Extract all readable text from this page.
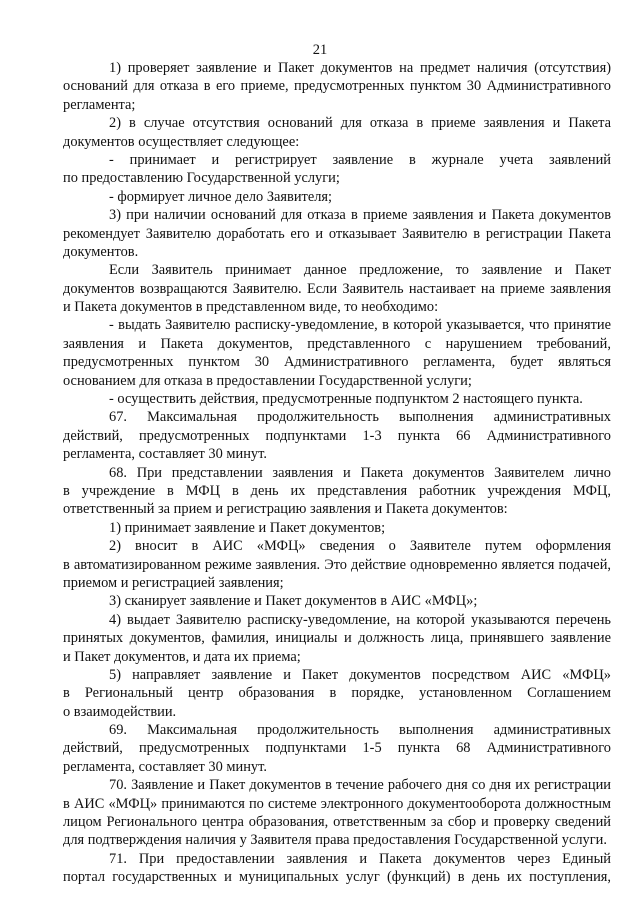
21

1) проверяет заявление и Пакет документов на предмет наличия (отсутствия)
оснований для отказа в его приеме, предусмотренных пунктом 30 Административного
регламента;
2) в случае отсутствия оснований для отказа в приеме заявления и Пакета
документов осуществляет следующее:
- принимает и регистрирует заявление в журнале учета заявлений
по предоставлению Государственной услуги;
- формирует личное дело Заявителя;
3) при наличии оснований для отказа в приеме заявления и Пакета документов
рекомендует Заявителю доработать его и отказывает Заявителю в регистрации Пакета
документов.
Если Заявитель принимает данное предложение, то заявление и Пакет
документов возвращаются Заявителю. Если Заявитель настаивает на приеме заявления
и Пакета документов в представленном виде, то необходимо:
- выдать Заявителю расписку-уведомление, в которой указывается, что принятие
заявления и Пакета документов, представленного с нарушением требований,
предусмотренных пунктом 30 Административного регламента, будет являться
основанием для отказа в предоставлении Государственной услуги;
- осуществить действия, предусмотренные подпунктом 2 настоящего пункта.
67. Максимальная продолжительность выполнения административных
действий, предусмотренных подпунктами 1-3 пункта 66 Административного
регламента, составляет 30 минут.
68. При представлении заявления и Пакета документов Заявителем лично
в учреждение в МФЦ в день их представления работник учреждения МФЦ,
ответственный за прием и регистрацию заявления и Пакета документов:
1) принимает заявление и Пакет документов;
2) вносит в АИС «МФЦ» сведения о Заявителе путем оформления
в автоматизированном режиме заявления. Это действие одновременно является подачей,
приемом и регистрацией заявления;
3) сканирует заявление и Пакет документов в АИС «МФЦ»;
4) выдает Заявителю расписку-уведомление, на которой указываются перечень
принятых документов, фамилия, инициалы и должность лица, принявшего заявление
и Пакет документов, и дата их приема;
5) направляет заявление и Пакет документов посредством АИС «МФЦ»
в Региональный центр образования в порядке, установленном Соглашением
о взаимодействии.
69. Максимальная продолжительность выполнения административных
действий, предусмотренных подпунктами 1-5 пункта 68 Административного
регламента, составляет 30 минут.
70. Заявление и Пакет документов в течение рабочего дня со дня их регистрации
в АИС «МФЦ» принимаются по системе электронного документооборота должностным
лицом Регионального центра образования, ответственным за сбор и проверку сведений
для подтверждения наличия у Заявителя права предоставления Государственной услуги.
71. При предоставлении заявления и Пакета документов через Единый
портал государственных и муниципальных услуг (функций) в день их поступления,
